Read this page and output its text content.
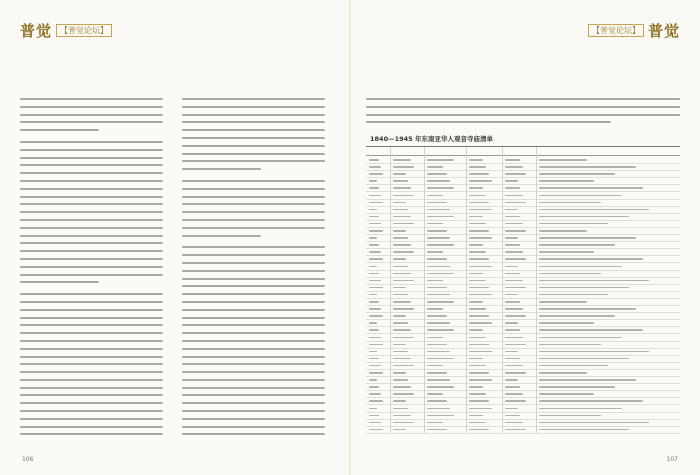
普觉	【普觉论坛】
106
普觉
【普觉论坛】
1840—1945 年东南亚华人观音寺庙清单
107
